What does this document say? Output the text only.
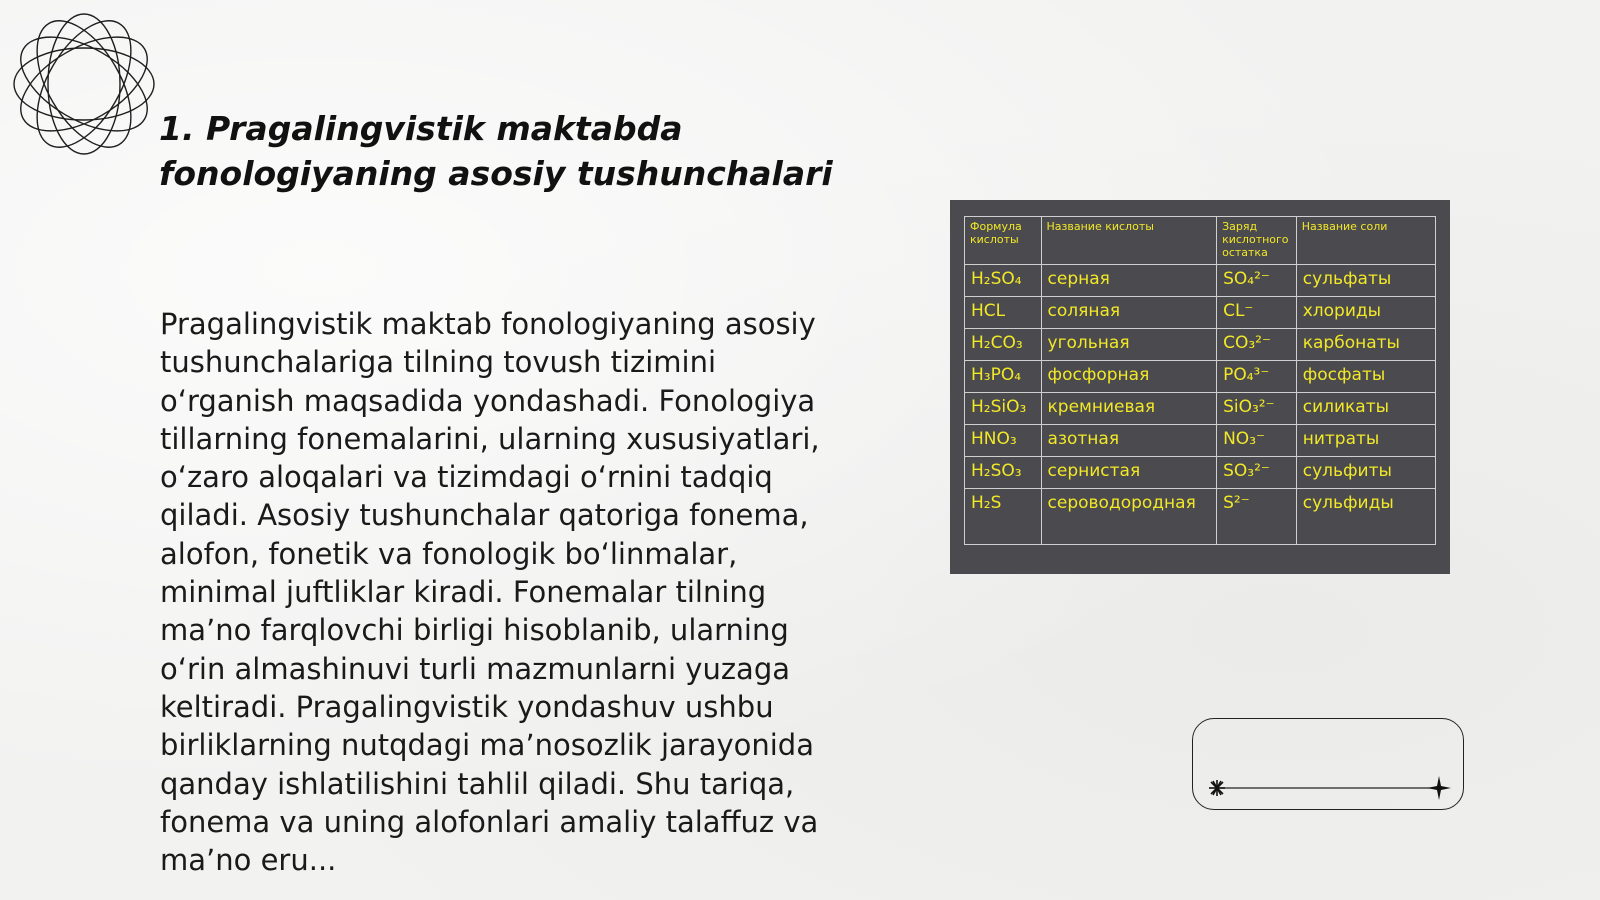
1. Pragalingvistik maktabda
fonologiyaning asosiy tushunchalari

Pragalingvistik maktab fonologiyaning asosiy tushunchalariga tilning tovush tizimini o‘rganish maqsadida yondashadi. Fonologiya tillarning fonemalarini, ularning xususiyatlari, o‘zaro aloqalari va tizimdagi o‘rnini tadqiq qiladi. Asosiy tushunchalar qatoriga fonema, alofon, fonetik va fonologik bo‘linmalar, minimal juftliklar kiradi. Fonemalar tilning ma’no farqlovchi birligi hisoblanib, ularning o‘rin almashinuvi turli mazmunlarni yuzaga keltiradi. Pragalingvistik yondashuv ushbu birliklarning nutqdagi ma’nosozlik jarayonida qanday ishlatilishini tahlil qiladi. Shu tariqa, fonema va uning alofonlari amaliy talaffuz va ma’no eru...

Формула кислоты	Название кислоты	Заряд кислотного остатка	Название соли
H₂SO₄	серная	SO₄²⁻	сульфаты
HCL	соляная	CL⁻	хлориды
H₂CO₃	угольная	CO₃²⁻	карбонаты
H₃PO₄	фосфорная	PO₄³⁻	фосфаты
H₂SiO₃	кремниевая	SiO₃²⁻	силикаты
HNO₃	азотная	NO₃⁻	нитраты
H₂SO₃	сернистая	SO₃²⁻	сульфиты
H₂S	сероводородная	S²⁻	сульфиды
